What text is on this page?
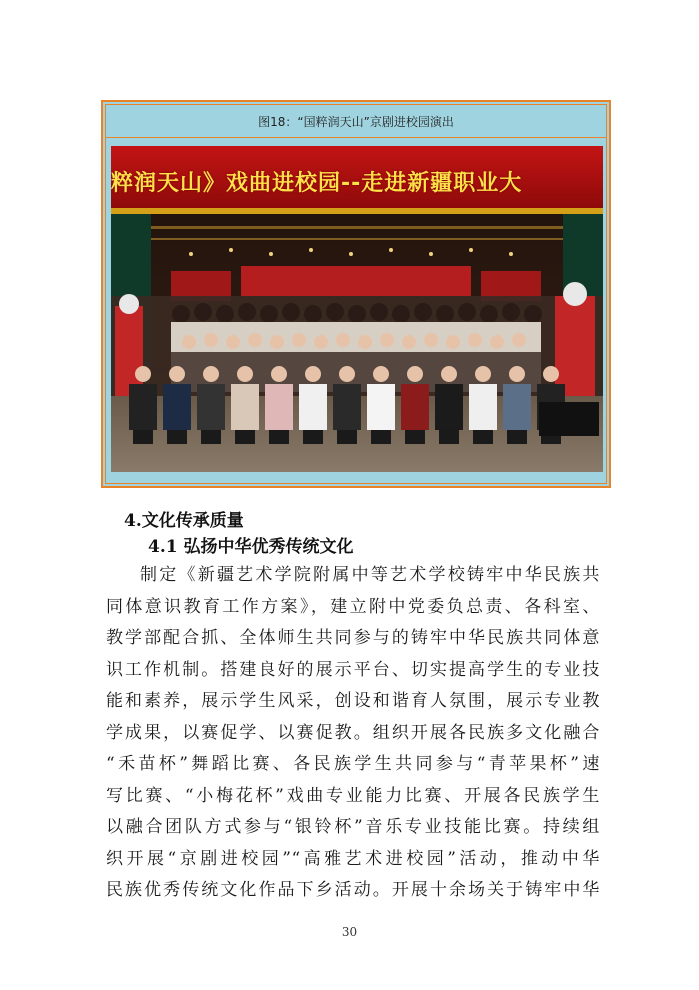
图18：“国粹润天山”京剧进校园演出
粹润天山》戏曲进校园--走进新疆职业大
4.文化传承质量
4.1 弘扬中华优秀传统文化
制定《新疆艺术学院附属中等艺术学校铸牢中华民族共
同体意识教育工作方案》，建立附中党委负总责、各科室、
教学部配合抓、全体师生共同参与的铸牢中华民族共同体意
识工作机制。搭建良好的展示平台、切实提高学生的专业技
能和素养，展示学生风采，创设和谐育人氛围，展示专业教
学成果，以赛促学、以赛促教。组织开展各民族多文化融合
“禾苗杯”舞蹈比赛、各民族学生共同参与“青苹果杯”速
写比赛、“小梅花杯”戏曲专业能力比赛、开展各民族学生
以融合团队方式参与“银铃杯”音乐专业技能比赛。持续组
织开展“京剧进校园”“高雅艺术进校园”活动，推动中华
民族优秀传统文化作品下乡活动。开展十余场关于铸牢中华
30
